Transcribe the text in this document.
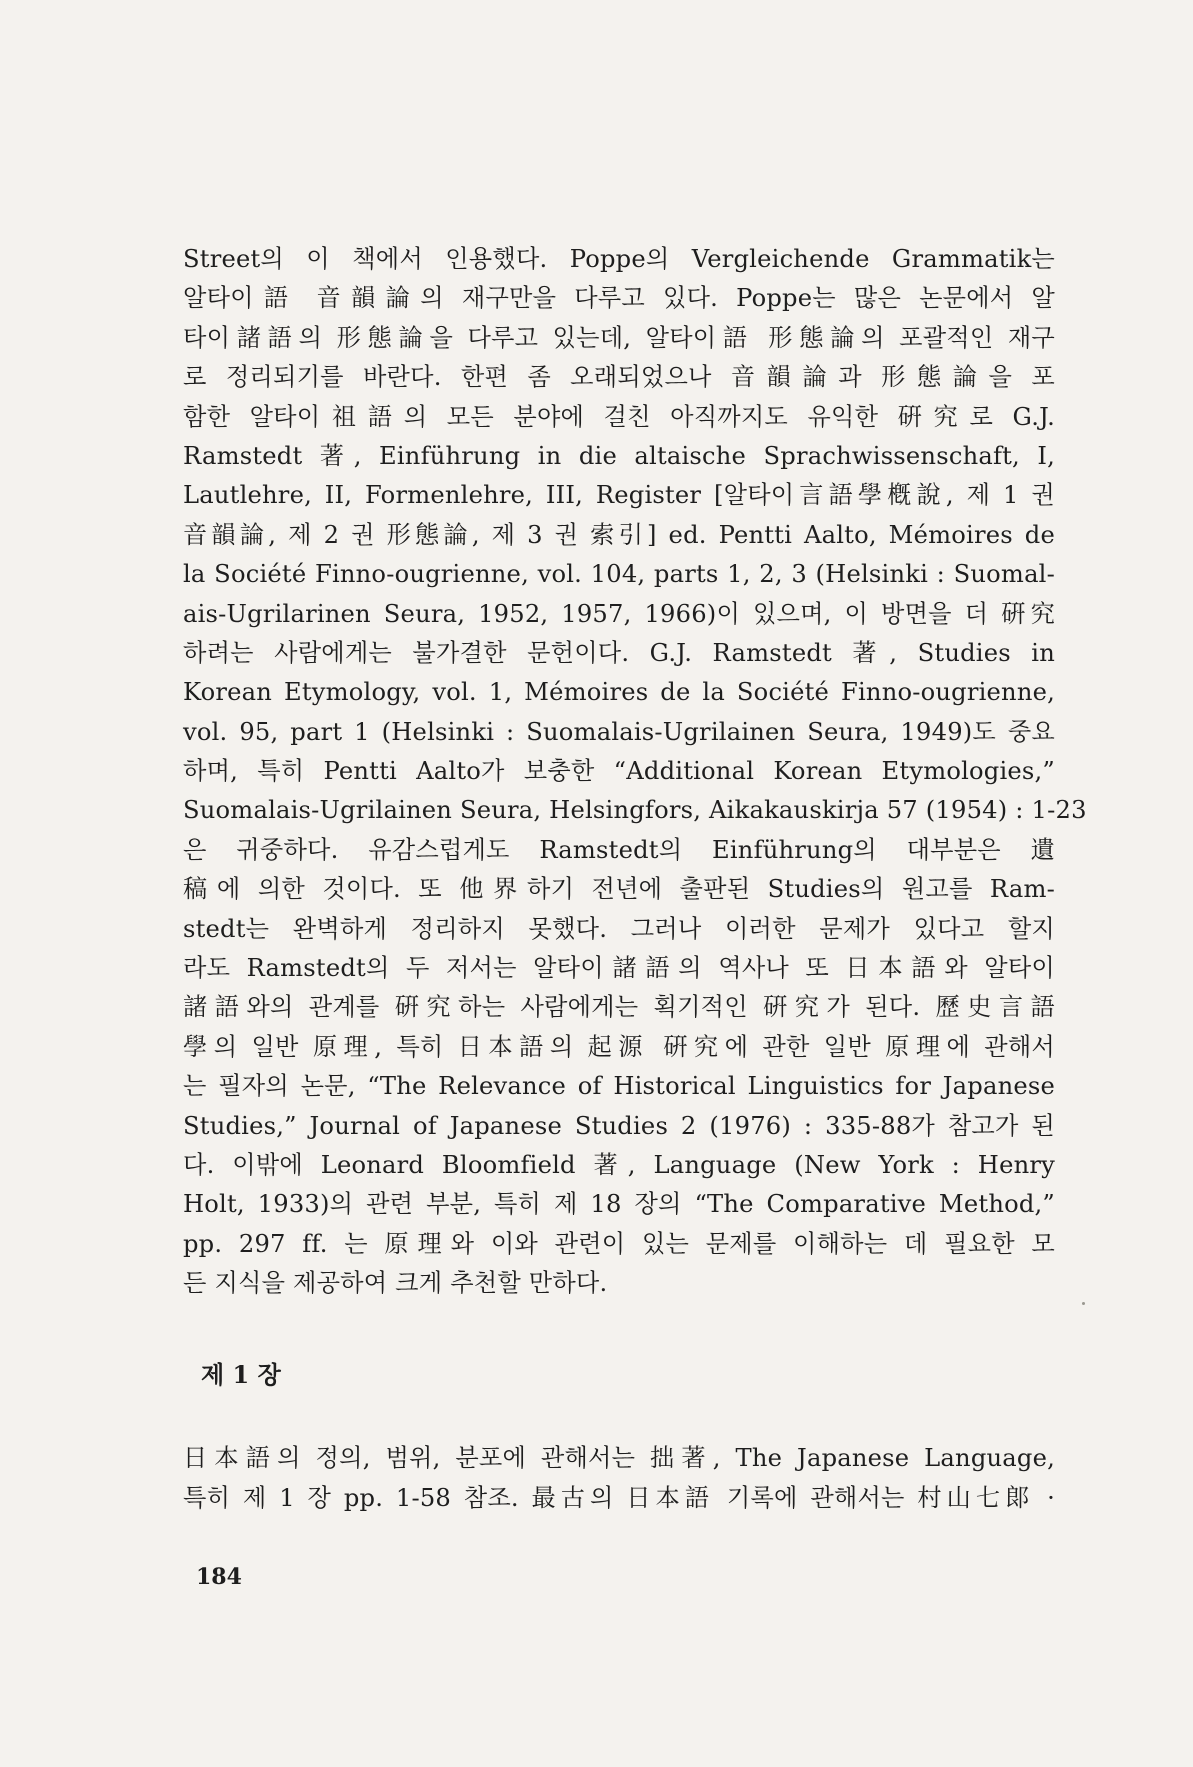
Street의 이 책에서 인용했다. Poppe의 Vergleichende Grammatik는
알타이語 音韻論의 재구만을 다루고 있다. Poppe는 많은 논문에서 알
타이諸語의 形態論을 다루고 있는데, 알타이語 形態論의 포괄적인 재구
로 정리되기를 바란다. 한편 좀 오래되었으나 音韻論과 形態論을 포
함한 알타이祖語의 모든 분야에 걸친 아직까지도 유익한 硏究로 G.J.
Ramstedt 著, Einführung in die altaische Sprachwissenschaft, I,
Lautlehre, II, Formenlehre, III, Register [알타이言語學槪說, 제 1 권
音韻論, 제 2 권 形態論, 제 3 권 索引] ed. Pentti Aalto, Mémoires de
la Société Finno-ougrienne, vol. 104, parts 1, 2, 3 (Helsinki : Suomal-
ais-Ugrilarinen Seura, 1952, 1957, 1966)이 있으며, 이 방면을 더 硏究
하려는 사람에게는 불가결한 문헌이다. G.J. Ramstedt 著, Studies in
Korean Etymology, vol. 1, Mémoires de la Société Finno-ougrienne,
vol. 95, part 1 (Helsinki : Suomalais-Ugrilainen Seura, 1949)도 중요
하며, 특히 Pentti Aalto가 보충한 “Additional Korean Etymologies,”
Suomalais-Ugrilainen Seura, Helsingfors, Aikakauskirja 57 (1954) : 1-23
은 귀중하다. 유감스럽게도 Ramstedt의 Einführung의 대부분은 遺
稿에 의한 것이다. 또 他界하기 전년에 출판된 Studies의 원고를 Ram-
stedt는 완벽하게 정리하지 못했다. 그러나 이러한 문제가 있다고 할지
라도 Ramstedt의 두 저서는 알타이諸語의 역사나 또 日本語와 알타이
諸語와의 관계를 硏究하는 사람에게는 획기적인 硏究가 된다. 歷史言語
學의 일반 原理, 특히 日本語의 起源 硏究에 관한 일반 原理에 관해서
는 필자의 논문, “The Relevance of Historical Linguistics for Japanese
Studies,” Journal of Japanese Studies 2 (1976) : 335-88가 참고가 된
다. 이밖에 Leonard Bloomfield 著, Language (New York : Henry
Holt, 1933)의 관련 부분, 특히 제 18 장의 “The Comparative Method,”
pp. 297 ff. 는 原理와 이와 관련이 있는 문제를 이해하는 데 필요한 모
든 지식을 제공하여 크게 추천할 만하다.
제 1 장
日本語의 정의, 범위, 분포에 관해서는 拙著, The Japanese Language,
특히 제 1 장 pp. 1-58 참조. 最古의 日本語 기록에 관해서는 村山七郞 ·
184
